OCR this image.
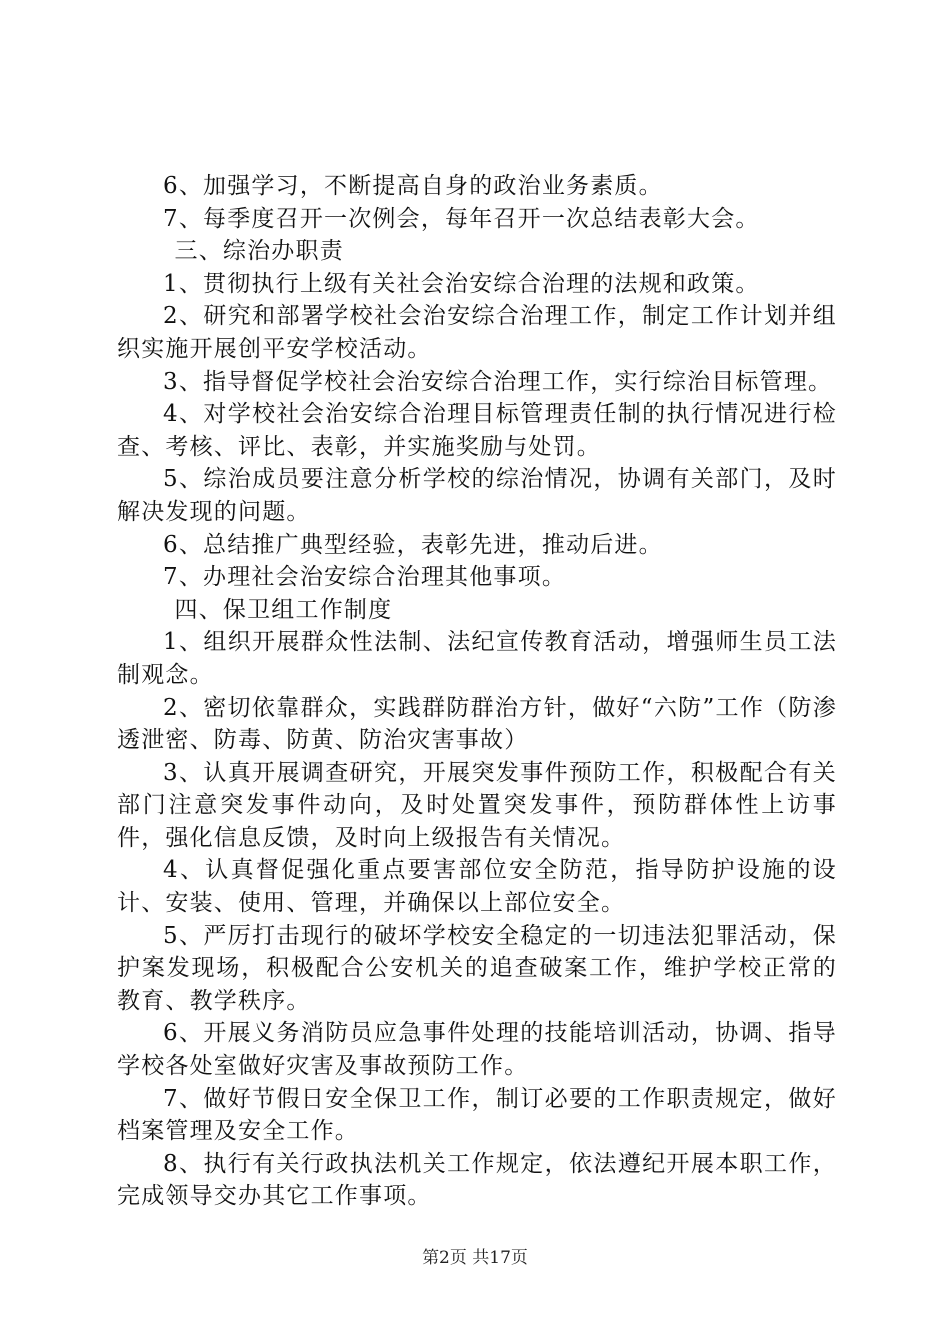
6、加强学习，不断提高自身的政治业务素质。

7、每季度召开一次例会，每年召开一次总结表彰大会。

三、综治办职责

1、贯彻执行上级有关社会治安综合治理的法规和政策。

2、研究和部署学校社会治安综合治理工作，制定工作计划并组织实施开展创平安学校活动。

3、指导督促学校社会治安综合治理工作，实行综治目标管理。

4、对学校社会治安综合治理目标管理责任制的执行情况进行检查、考核、评比、表彰，并实施奖励与处罚。

5、综治成员要注意分析学校的综治情况，协调有关部门，及时解决发现的问题。

6、总结推广典型经验，表彰先进，推动后进。

7、办理社会治安综合治理其他事项。

四、保卫组工作制度

1、组织开展群众性法制、法纪宣传教育活动，增强师生员工法制观念。

2、密切依靠群众，实践群防群治方针，做好“六防”工作（防渗透泄密、防毒、防黄、防治灾害事故）

3、认真开展调查研究，开展突发事件预防工作，积极配合有关部门注意突发事件动向，及时处置突发事件，预防群体性上访事件，强化信息反馈，及时向上级报告有关情况。

4、认真督促强化重点要害部位安全防范，指导防护设施的设计、安装、使用、管理，并确保以上部位安全。

5、严厉打击现行的破坏学校安全稳定的一切违法犯罪活动，保护案发现场，积极配合公安机关的追查破案工作，维护学校正常的教育、教学秩序。

6、开展义务消防员应急事件处理的技能培训活动，协调、指导学校各处室做好灾害及事故预防工作。

7、做好节假日安全保卫工作，制订必要的工作职责规定，做好档案管理及安全工作。

8、执行有关行政执法机关工作规定，依法遵纪开展本职工作，完成领导交办其它工作事项。

第2页 共17页
